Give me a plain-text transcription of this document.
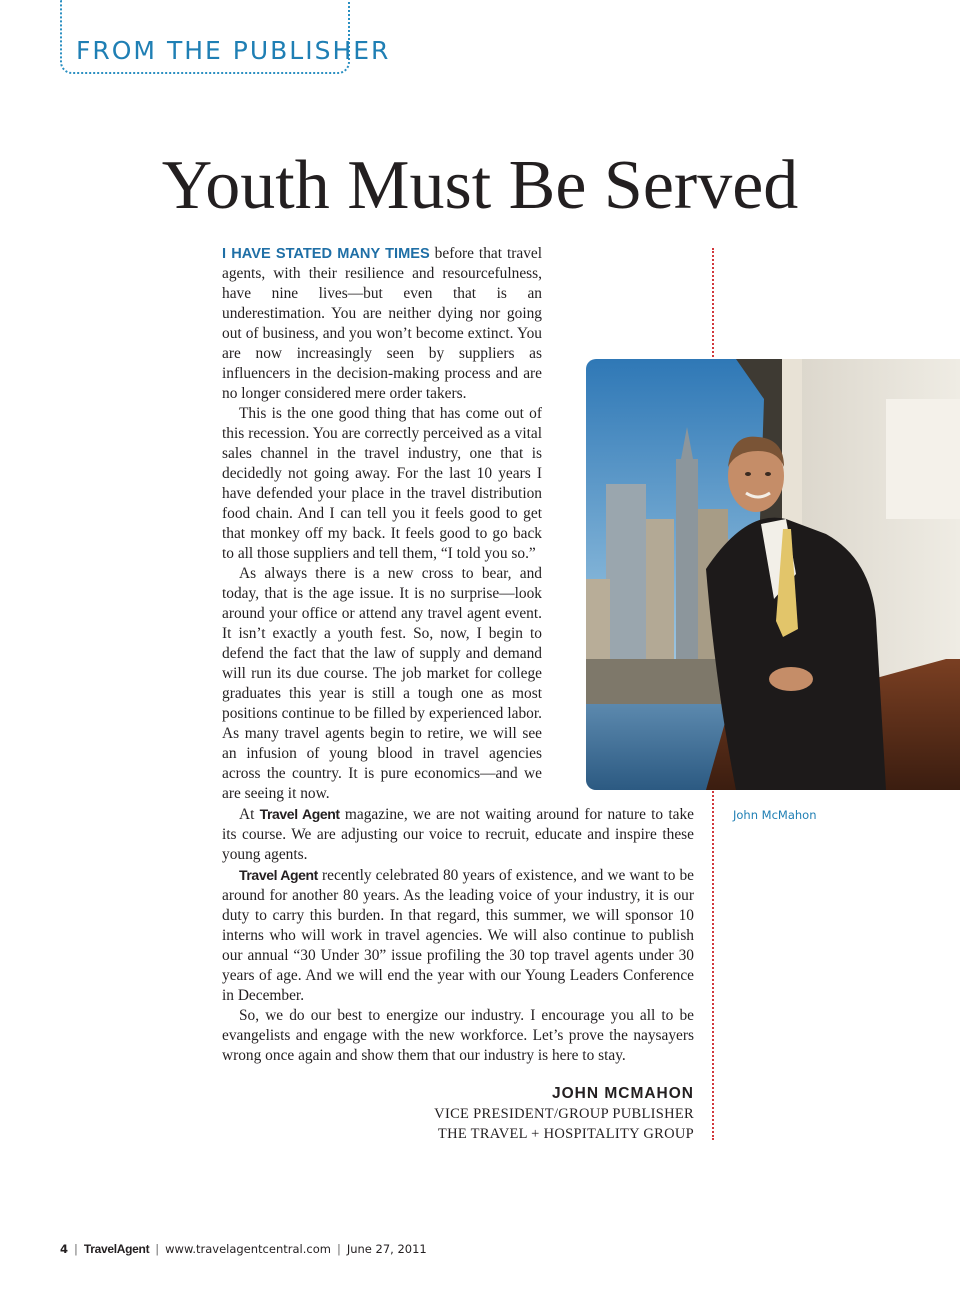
FROM THE PUBLISHER
Youth Must Be Served

I HAVE STATED MANY TIMES before that travel agents, with their resilience and resourcefulness, have nine lives—but even that is an underestimation. You are neither dying nor going out of business, and you won’t become extinct. You are now increasingly seen by suppliers as influencers in the decision-making process and are no longer considered mere order takers.

This is the one good thing that has come out of this recession. You are correctly perceived as a vital sales channel in the travel industry, one that is decidedly not going away. For the last 10 years I have defended your place in the travel distribution food chain. And I can tell you it feels good to get that monkey off my back. It feels good to go back to all those suppliers and tell them, “I told you so.”

As always there is a new cross to bear, and today, that is the age issue. It is no surprise—look around your office or attend any travel agent event. It isn’t exactly a youth fest. So, now, I begin to defend the fact that the law of supply and demand will run its due course. The job market for college graduates this year is still a tough one as most positions continue to be filled by experienced labor. As many travel agents begin to retire, we will see an infusion of young blood in travel agencies across the country. It is pure economics—and we are seeing it now.

At Travel Agent magazine, we are not waiting around for nature to take its course. We are adjusting our voice to recruit, educate and inspire these young agents.

Travel Agent recently celebrated 80 years of existence, and we want to be around for another 80 years. As the leading voice of your industry, it is our duty to carry this burden. In that regard, this summer, we will sponsor 10 interns who will work in travel agencies. We will also continue to publish our annual “30 Under 30” issue profiling the 30 top travel agents under 30 years of age. And we will end the year with our Young Leaders Conference in December.

So, we do our best to energize our industry. I encourage you all to be evangelists and engage with the new workforce. Let’s prove the naysayers wrong once again and show them that our industry is here to stay.

John McMahon
JOHN MCMAHON
VICE PRESIDENT/GROUP PUBLISHER
THE TRAVEL + HOSPITALITY GROUP
4 | TravelAgent | www.travelagentcentral.com | June 27, 2011
